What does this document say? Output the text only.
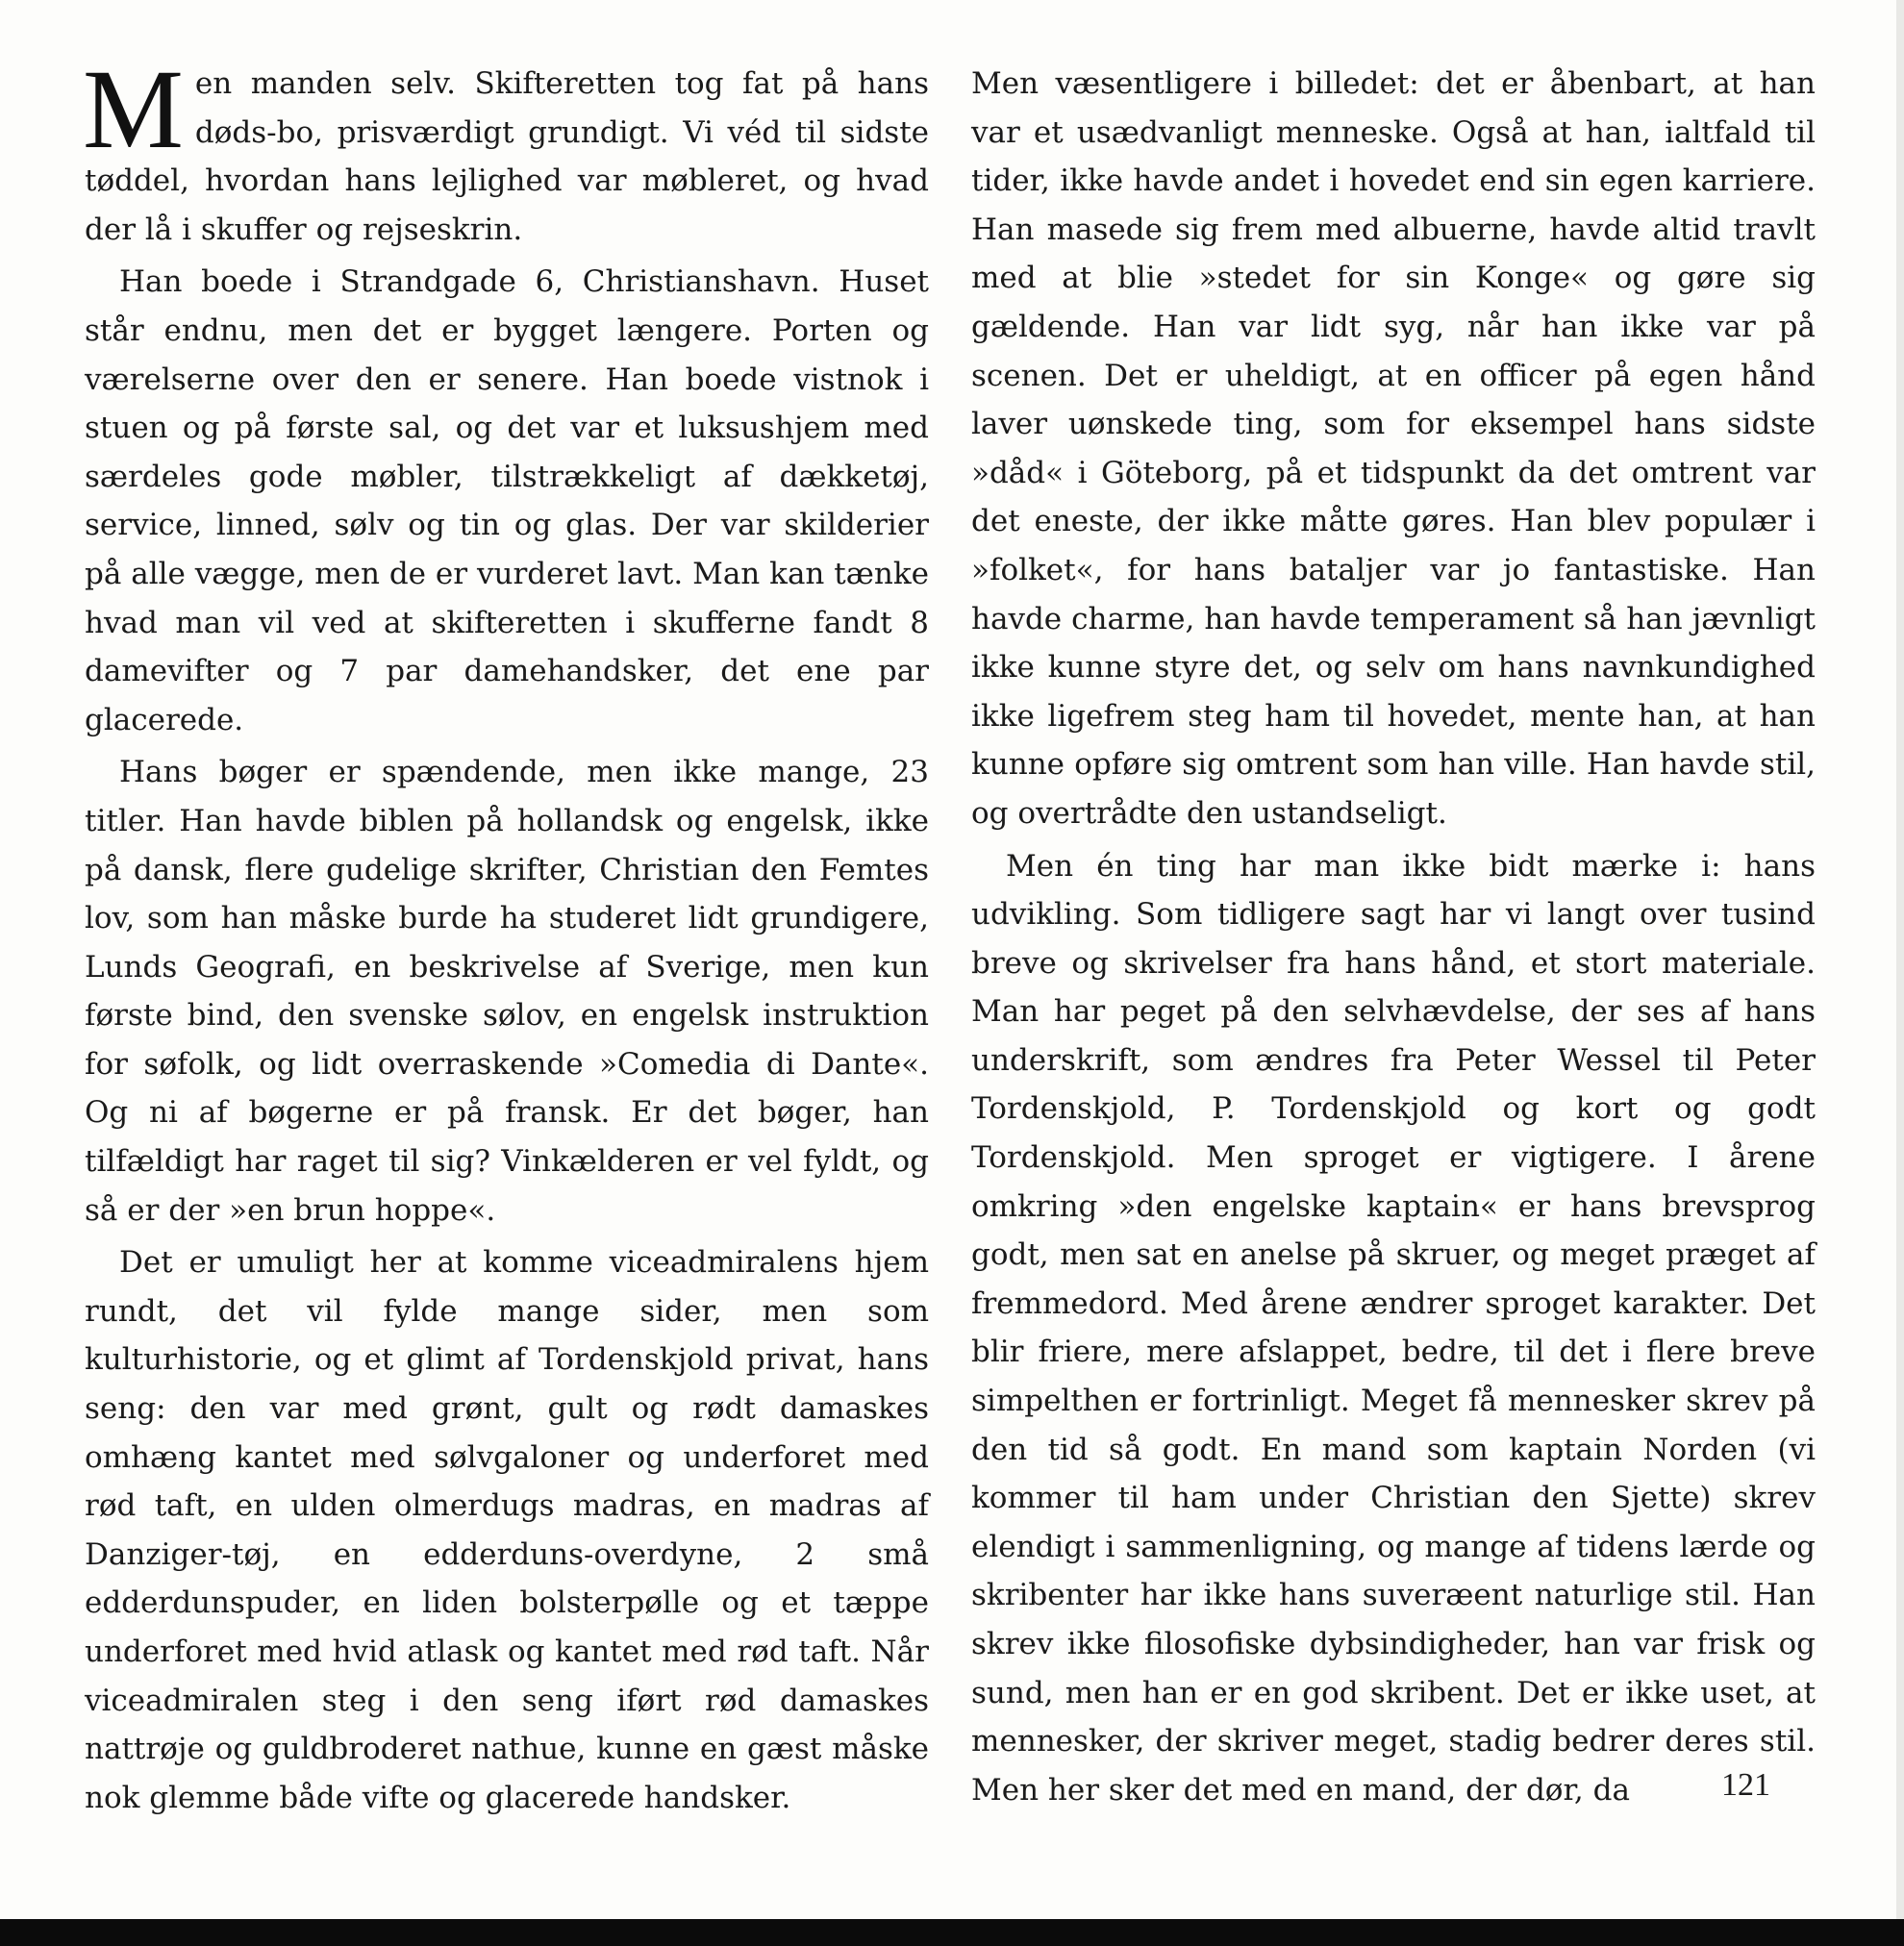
Men manden selv. Skifteretten tog fat på hans døds-bo, prisværdigt grundigt. Vi véd til sidste tøddel, hvordan hans lejlighed var møbleret, og hvad der lå i skuffer og rejseskrin.

Han boede i Strandgade 6, Christianshavn. Huset står endnu, men det er bygget længere. Porten og værelserne over den er senere. Han boede vistnok i stuen og på første sal, og det var et luksushjem med særdeles gode møbler, tilstrækkeligt af dækketøj, service, linned, sølv og tin og glas. Der var skilderier på alle vægge, men de er vurderet lavt. Man kan tænke hvad man vil ved at skifteretten i skufferne fandt 8 damevifter og 7 par damehandsker, det ene par glacerede.

Hans bøger er spændende, men ikke mange, 23 titler. Han havde biblen på hollandsk og engelsk, ikke på dansk, flere gudelige skrifter, Christian den Femtes lov, som han måske burde ha studeret lidt grundigere, Lunds Geografi, en beskrivelse af Sverige, men kun første bind, den svenske sølov, en engelsk instruktion for søfolk, og lidt overraskende »Comedia di Dante«. Og ni af bøgerne er på fransk. Er det bøger, han tilfældigt har raget til sig? Vinkælderen er vel fyldt, og så er der »en brun hoppe«.

Det er umuligt her at komme viceadmiralens hjem rundt, det vil fylde mange sider, men som kulturhistorie, og et glimt af Tordenskjold privat, hans seng: den var med grønt, gult og rødt damaskes omhæng kantet med sølvgaloner og underforet med rød taft, en ulden olmerdugs madras, en madras af Danziger-tøj, en edderduns-overdyne, 2 små edderdunspuder, en liden bolsterpølle og et tæppe underforet med hvid atlask og kantet med rød taft. Når viceadmiralen steg i den seng iført rød damaskes nattrøje og guldbroderet nathue, kunne en gæst måske nok glemme både vifte og glacerede handsker.

Men væsentligere i billedet: det er åbenbart, at han var et usædvanligt menneske. Også at han, ialtfald til tider, ikke havde andet i hovedet end sin egen karriere. Han masede sig frem med albuerne, havde altid travlt med at blie »stedet for sin Konge« og gøre sig gældende. Han var lidt syg, når han ikke var på scenen. Det er uheldigt, at en officer på egen hånd laver uønskede ting, som for eksempel hans sidste »dåd« i Göteborg, på et tidspunkt da det omtrent var det eneste, der ikke måtte gøres. Han blev populær i »folket«, for hans bataljer var jo fantastiske. Han havde charme, han havde temperament så han jævnligt ikke kunne styre det, og selv om hans navnkundighed ikke ligefrem steg ham til hovedet, mente han, at han kunne opføre sig omtrent som han ville. Han havde stil, og overtrådte den ustandseligt.

Men én ting har man ikke bidt mærke i: hans udvikling. Som tidligere sagt har vi langt over tusind breve og skrivelser fra hans hånd, et stort materiale. Man har peget på den selvhævdelse, der ses af hans underskrift, som ændres fra Peter Wessel til Peter Tordenskjold, P. Tordenskjold og kort og godt Tordenskjold. Men sproget er vigtigere. I årene omkring »den engelske kaptain« er hans brevsprog godt, men sat en anelse på skruer, og meget præget af fremmedord. Med årene ændrer sproget karakter. Det blir friere, mere afslappet, bedre, til det i flere breve simpelthen er fortrinligt. Meget få mennesker skrev på den tid så godt. En mand som kaptain Norden (vi kommer til ham under Christian den Sjette) skrev elendigt i sammenligning, og mange af tidens lærde og skribenter har ikke hans suveræent naturlige stil. Han skrev ikke filosofiske dybsindigheder, han var frisk og sund, men han er en god skribent. Det er ikke uset, at mennesker, der skriver meget, stadig bedrer deres stil. Men her sker det med en mand, der dør, da	121
